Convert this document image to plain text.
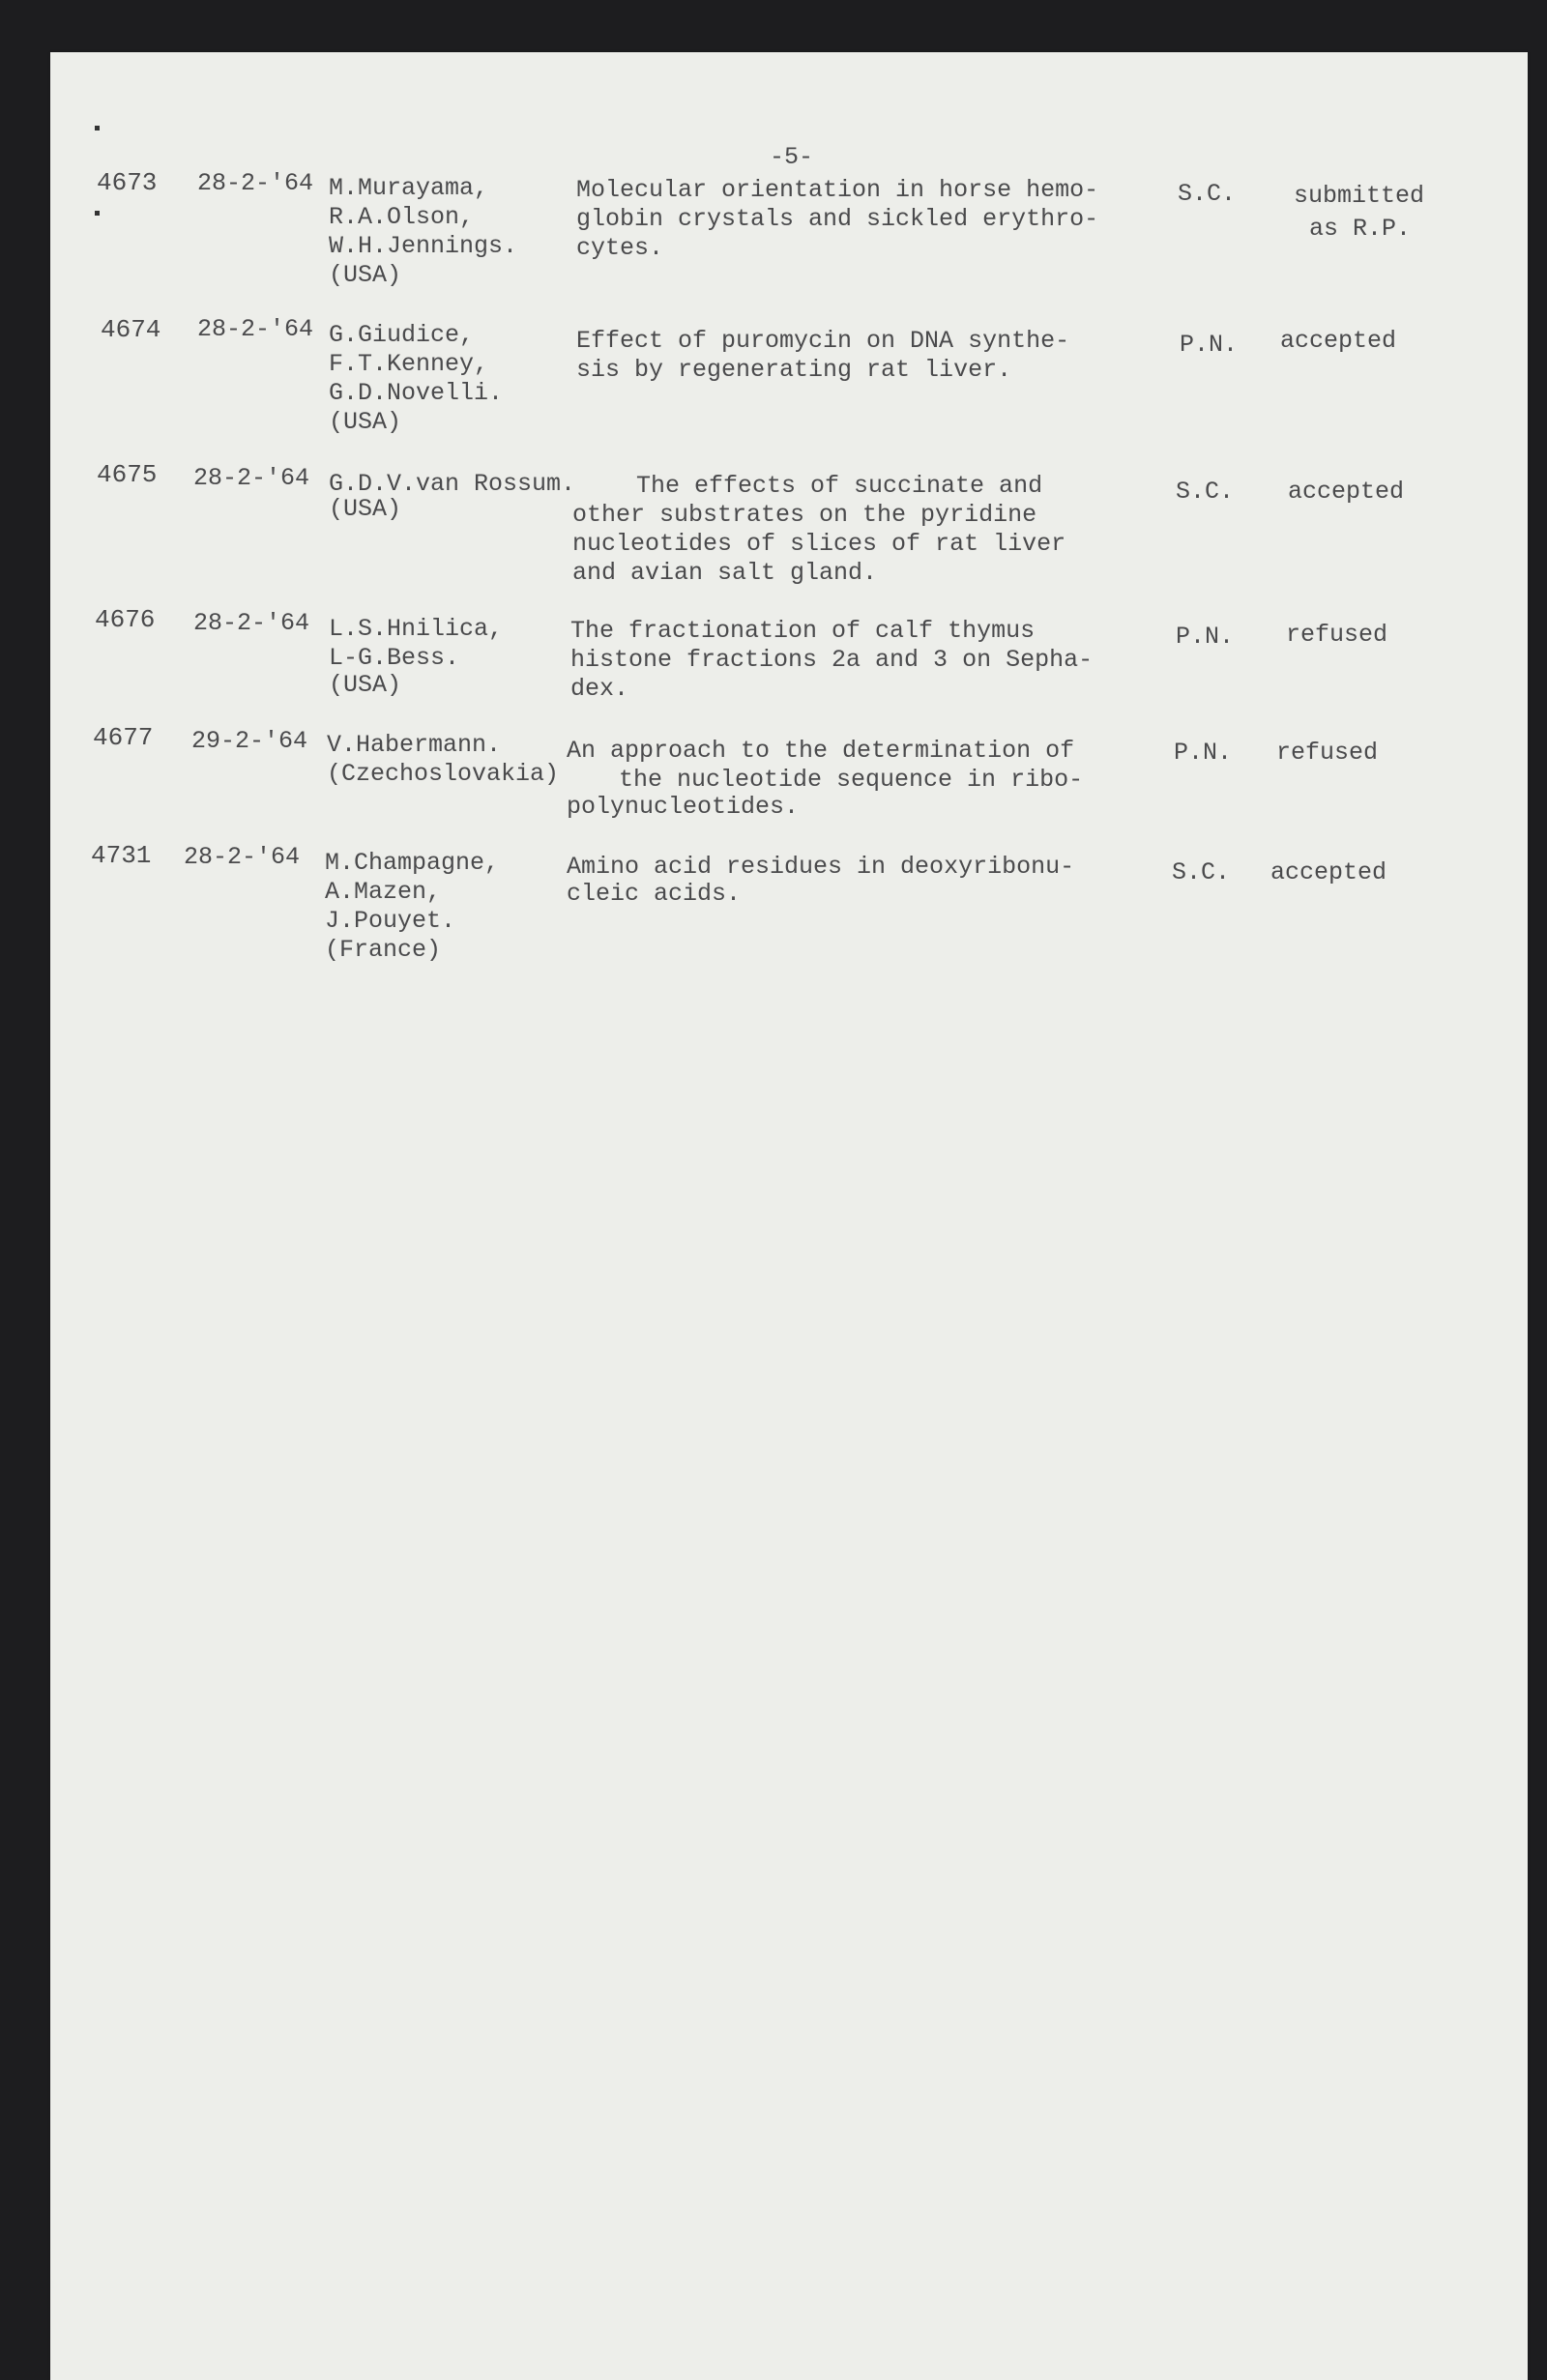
-5-
4673 28-2-'64 M.Murayama,
R.A.Olson,
W.H.Jennings.
(USA)
Molecular orientation in horse hemo-
globin crystals and sickled erythro-
cytes.
S.C. submitted
as R.P.
4674 28-2-'64 G.Giudice,
F.T.Kenney,
G.D.Novelli.
(USA)
Effect of puromycin on DNA synthe-
sis by regenerating rat liver.
P.N. accepted
4675 28-2-'64 G.D.V.van Rossum.
(USA)
The effects of succinate and
other substrates on the pyridine
nucleotides of slices of rat liver
and avian salt gland.
S.C. accepted
4676 28-2-'64 L.S.Hnilica,
L-G.Bess.
(USA)
The fractionation of calf thymus
histone fractions 2a and 3 on Sepha-
dex.
P.N. refused
4677 29-2-'64 V.Habermann.
(Czechoslovakia)
An approach to the determination of
the nucleotide sequence in ribo-
polynucleotides.
P.N. refused
4731 28-2-'64 M.Champagne,
A.Mazen,
J.Pouyet.
(France)
Amino acid residues in deoxyribonu-
cleic acids.
S.C. accepted
